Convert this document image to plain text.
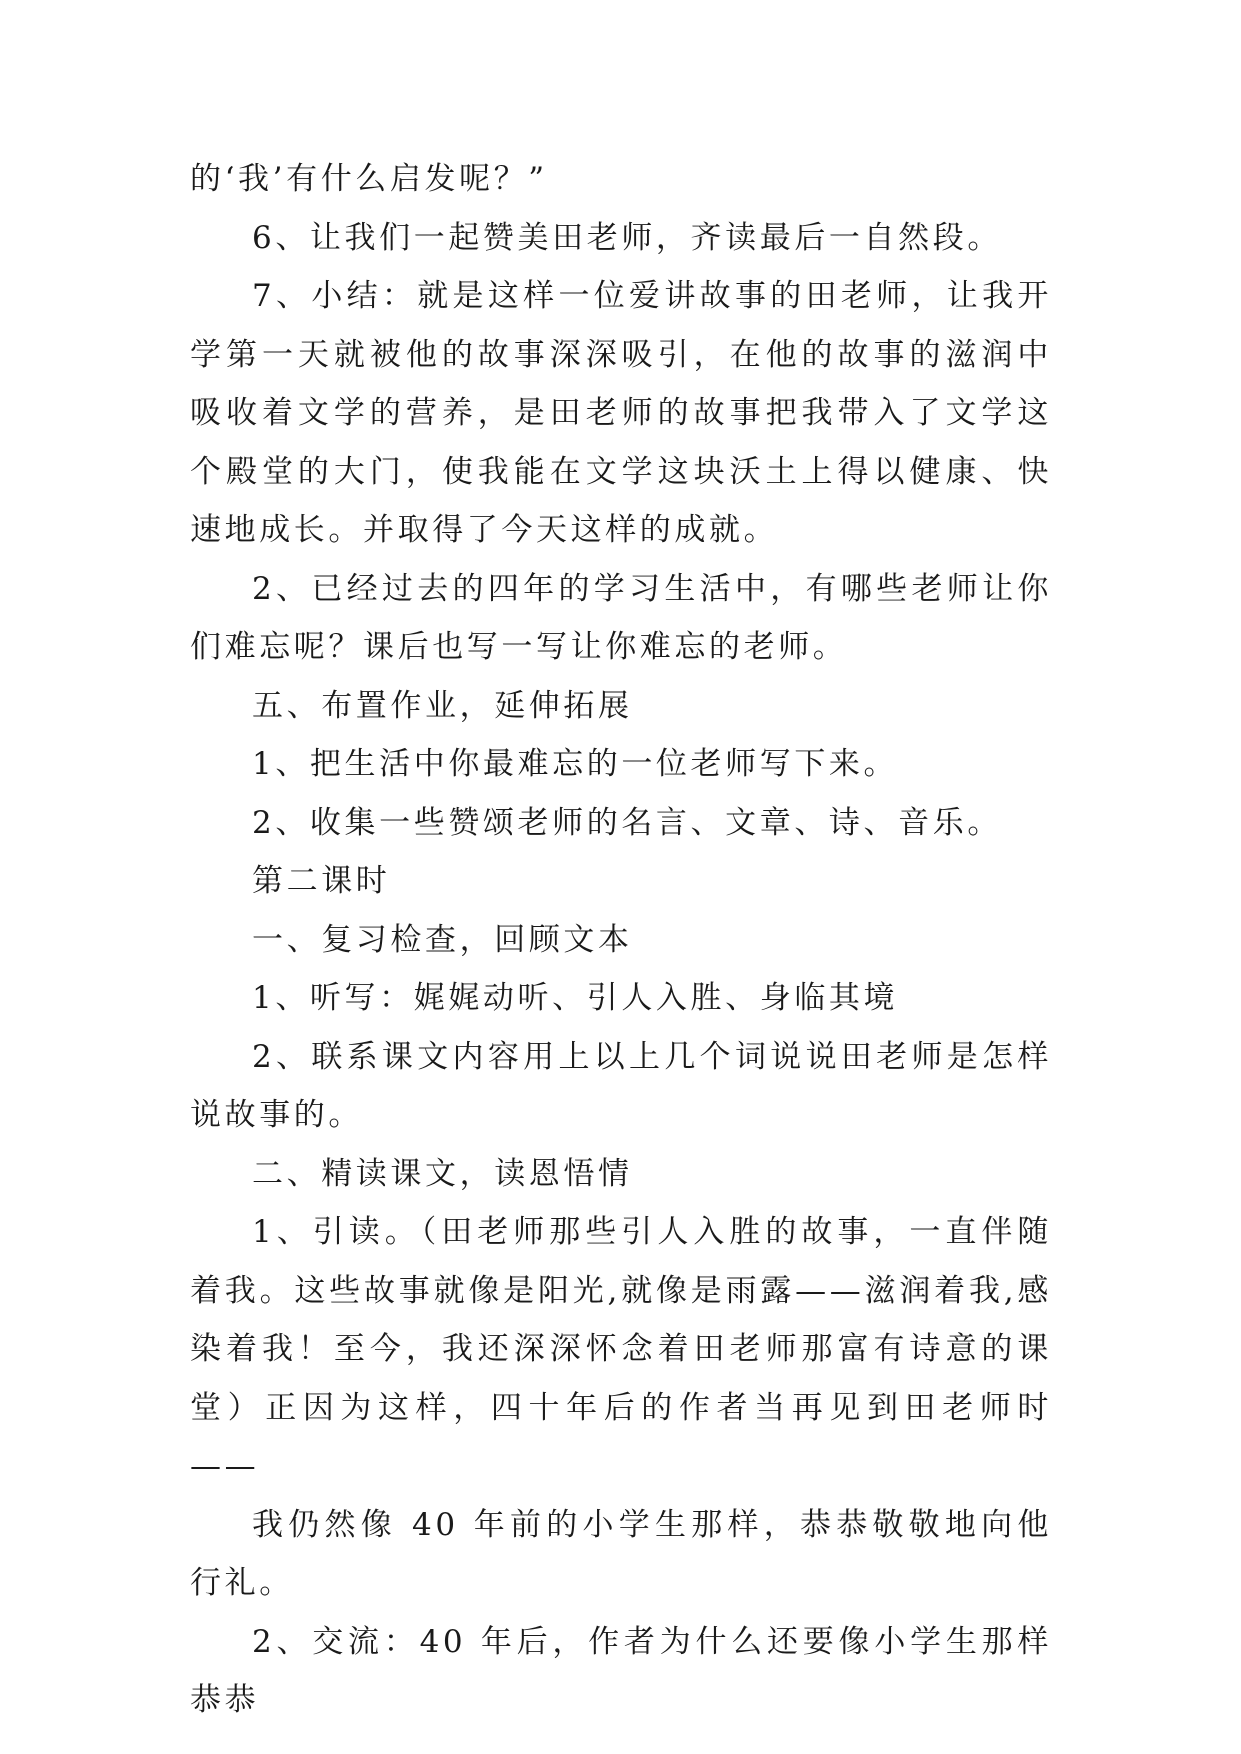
的‘我’有什么启发呢？”

6、让我们一起赞美田老师，齐读最后一自然段。

7、小结：就是这样一位爱讲故事的田老师，让我开学第一天就被他的故事深深吸引，在他的故事的滋润中吸收着文学的营养，是田老师的故事把我带入了文学这个殿堂的大门，使我能在文学这块沃土上得以健康、快速地成长。并取得了今天这样的成就。

2、已经过去的四年的学习生活中，有哪些老师让你们难忘呢？课后也写一写让你难忘的老师。

五、布置作业，延伸拓展

1、把生活中你最难忘的一位老师写下来。

2、收集一些赞颂老师的名言、文章、诗、音乐。

第二课时

一、复习检查，回顾文本

1、听写：娓娓动听、引人入胜、身临其境

2、联系课文内容用上以上几个词说说田老师是怎样说故事的。

二、精读课文，读恩悟情

1、引读。（田老师那些引人入胜的故事，一直伴随着我。这些故事就像是阳光,就像是雨露——滋润着我,感染着我！至今，我还深深怀念着田老师那富有诗意的课堂）正因为这样，四十年后的作者当再见到田老师时——

我仍然像 40 年前的小学生那样，恭恭敬敬地向他行礼。

2、交流：40 年后，作者为什么还要像小学生那样恭恭
